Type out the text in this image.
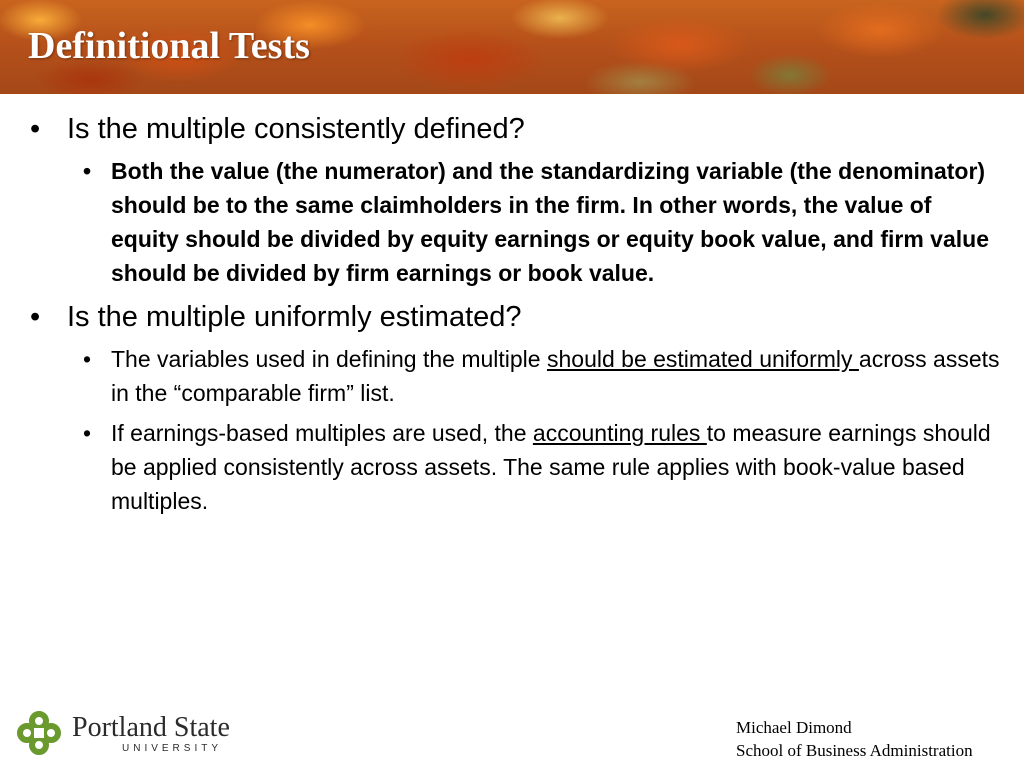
Definitional Tests
• Is the multiple consistently defined?
• Both the value (the numerator) and the standardizing variable (the denominator) should be to the same claimholders in the firm. In other words, the value of equity should be divided by equity earnings or equity book value, and firm value should be divided by firm earnings or book value.
• Is the multiple uniformly estimated?
• The variables used in defining the multiple should be estimated uniformly across assets in the “comparable firm” list.
• If earnings-based multiples are used, the accounting rules to measure earnings should be applied consistently across assets. The same rule applies with book-value based multiples.
Portland State
UNIVERSITY
Michael Dimond
School of Business Administration
